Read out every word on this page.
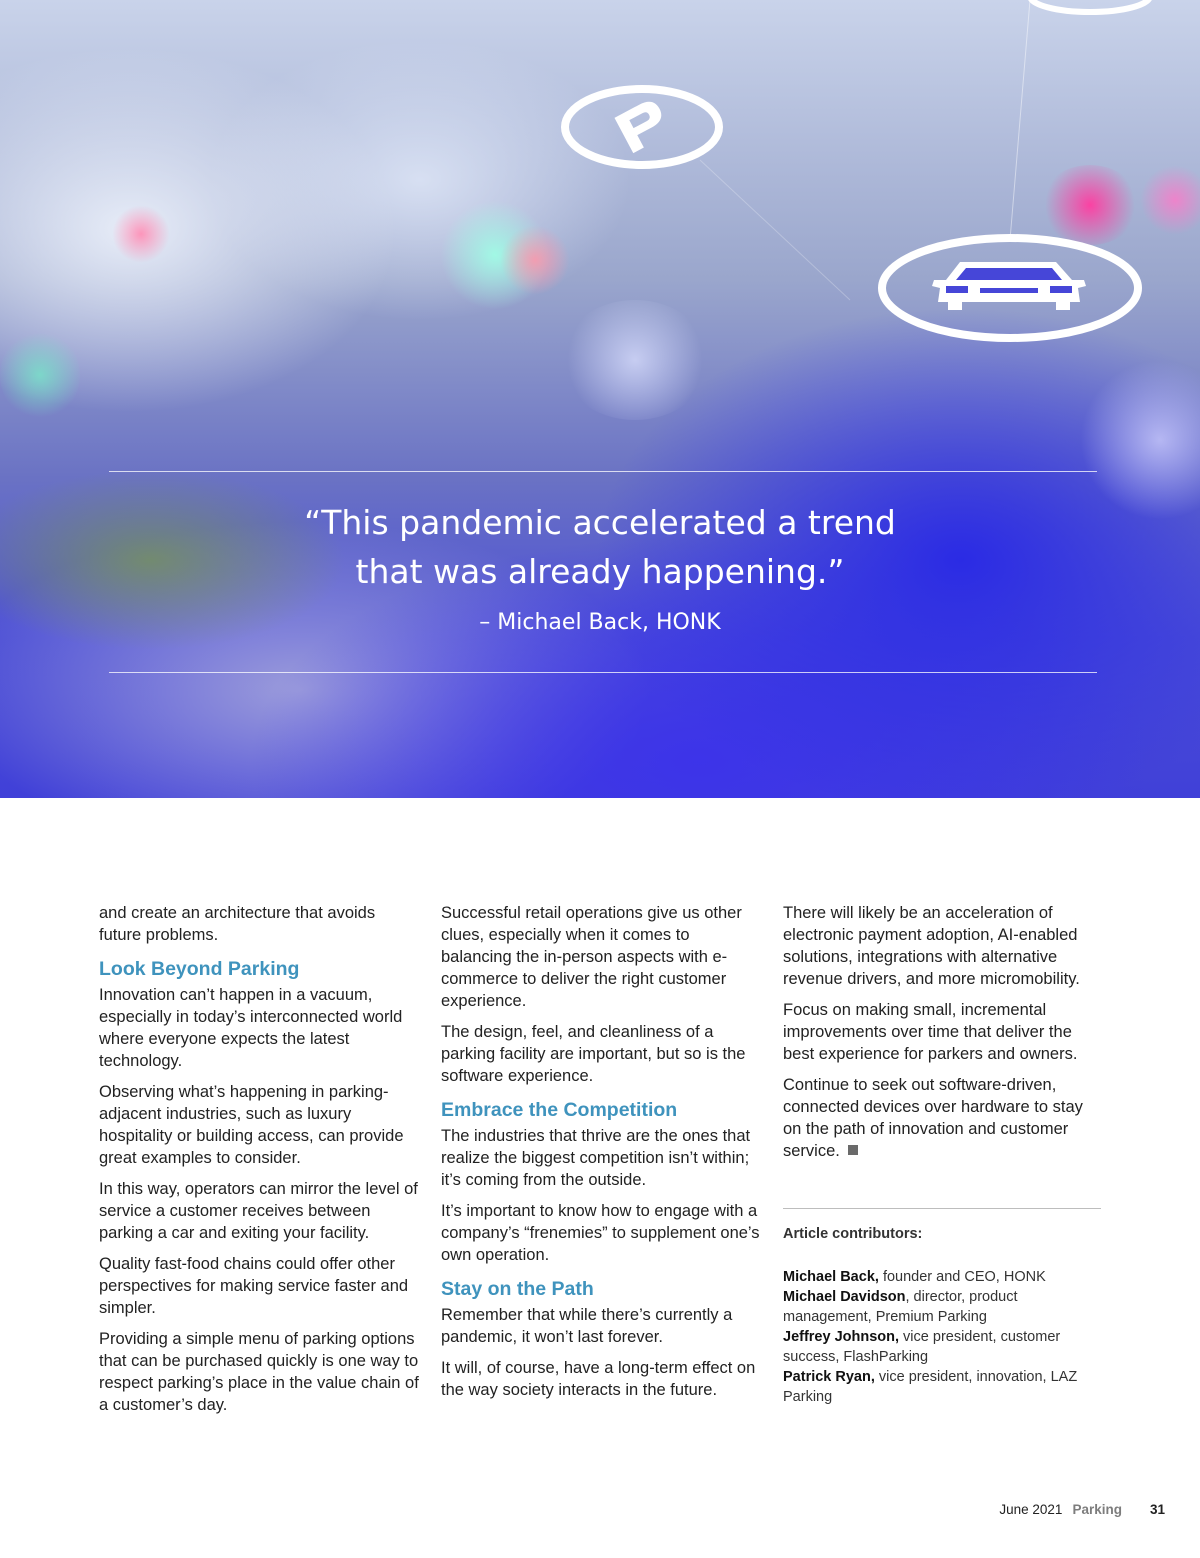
“This pandemic accelerated a trend
that was already happening.”
– Michael Back, HONK

and create an architecture that avoids future problems.

Look Beyond Parking

Innovation can’t happen in a vacuum, especially in today’s interconnected world where everyone expects the latest technology.

Observing what’s happening in parking-adjacent industries, such as luxury hospitality or building access, can provide great examples to consider.

In this way, operators can mirror the level of service a customer receives between parking a car and exiting your facility.

Quality fast-food chains could offer other perspectives for making service faster and simpler.

Providing a simple menu of parking options that can be purchased quickly is one way to respect parking’s place in the value chain of a customer’s day.

Successful retail operations give us other clues, especially when it comes to balancing the in-person aspects with e-commerce to deliver the right customer experience.

The design, feel, and cleanliness of a parking facility are important, but so is the software experience.

Embrace the Competition

The industries that thrive are the ones that realize the biggest competition isn’t within; it’s coming from the outside.

It’s important to know how to engage with a company’s “frenemies” to supplement one’s own operation.

Stay on the Path

Remember that while there’s currently a pandemic, it won’t last forever.

It will, of course, have a long-term effect on the way society interacts in the future.

There will likely be an acceleration of electronic payment adoption, AI-enabled solutions, integrations with alternative revenue drivers, and more micromobility.

Focus on making small, incremental improvements over time that deliver the best experience for parkers and owners.

Continue to seek out software-driven, connected devices over hardware to stay on the path of innovation and customer service.

Article contributors:
Michael Back, founder and CEO, HONK
Michael Davidson, director, product management, Premium Parking
Jeffrey Johnson, vice president, customer success, FlashParking
Patrick Ryan, vice president, innovation, LAZ Parking
June 2021 Parking 31
